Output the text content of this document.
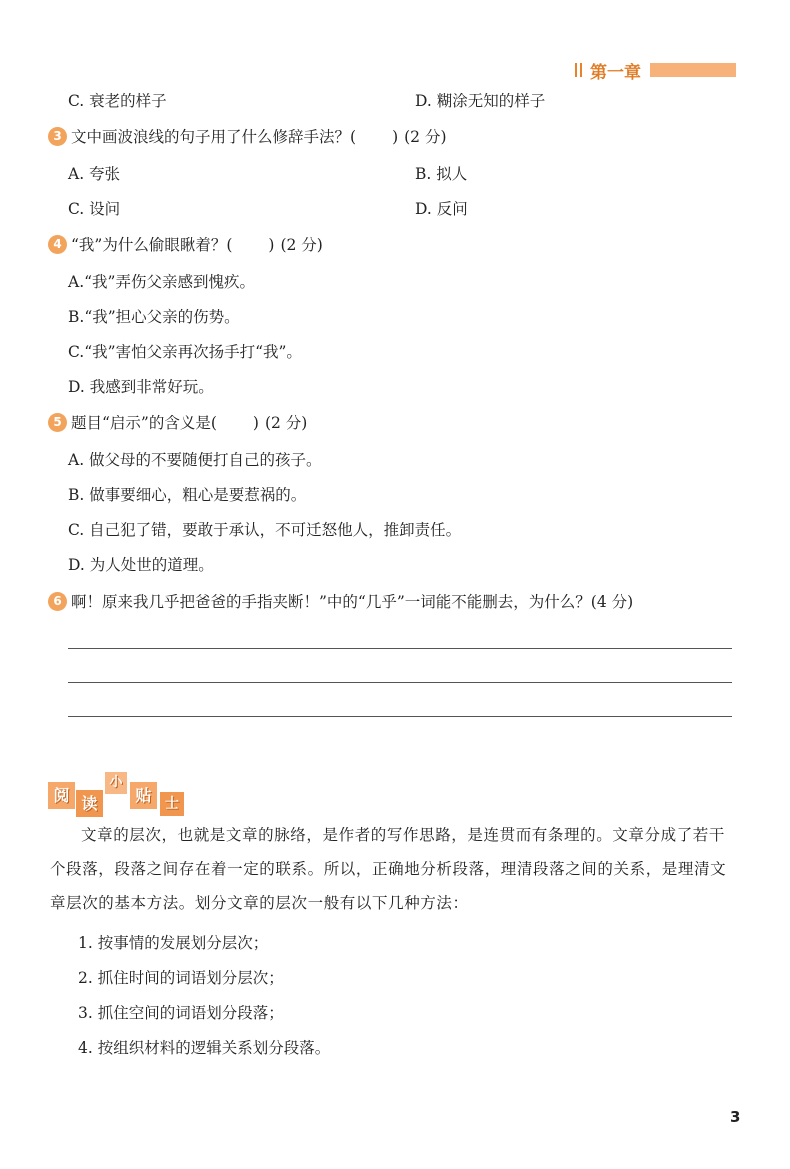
第一章
C. 衰老的样子	D. 糊涂无知的样子
3 文中画波浪线的句子用了什么修辞手法？( ) (2 分)
A. 夸张	B. 拟人
C. 设问	D. 反问
4 “我”为什么偷眼瞅着？( ) (2 分)
A.“我”弄伤父亲感到愧疚。
B.“我”担心父亲的伤势。
C.“我”害怕父亲再次扬手打“我”。
D. 我感到非常好玩。
5 题目“启示”的含义是( ) (2 分)
A. 做父母的不要随便打自己的孩子。
B. 做事要细心，粗心是要惹祸的。
C. 自己犯了错，要敢于承认，不可迁怒他人，推卸责任。
D. 为人处世的道理。
6 啊！原来我几乎把爸爸的手指夹断！”中的“几乎”一词能不能删去，为什么？(4 分)
阅 读
小
贴 士
文章的层次，也就是文章的脉络，是作者的写作思路，是连贯而有条理的。文章分成了若干个段落，段落之间存在着一定的联系。所以，正确地分析段落，理清段落之间的关系，是理清文章层次的基本方法。划分文章的层次一般有以下几种方法：
1. 按事情的发展划分层次；
2. 抓住时间的词语划分层次；
3. 抓住空间的词语划分段落；
4. 按组织材料的逻辑关系划分段落。
3
